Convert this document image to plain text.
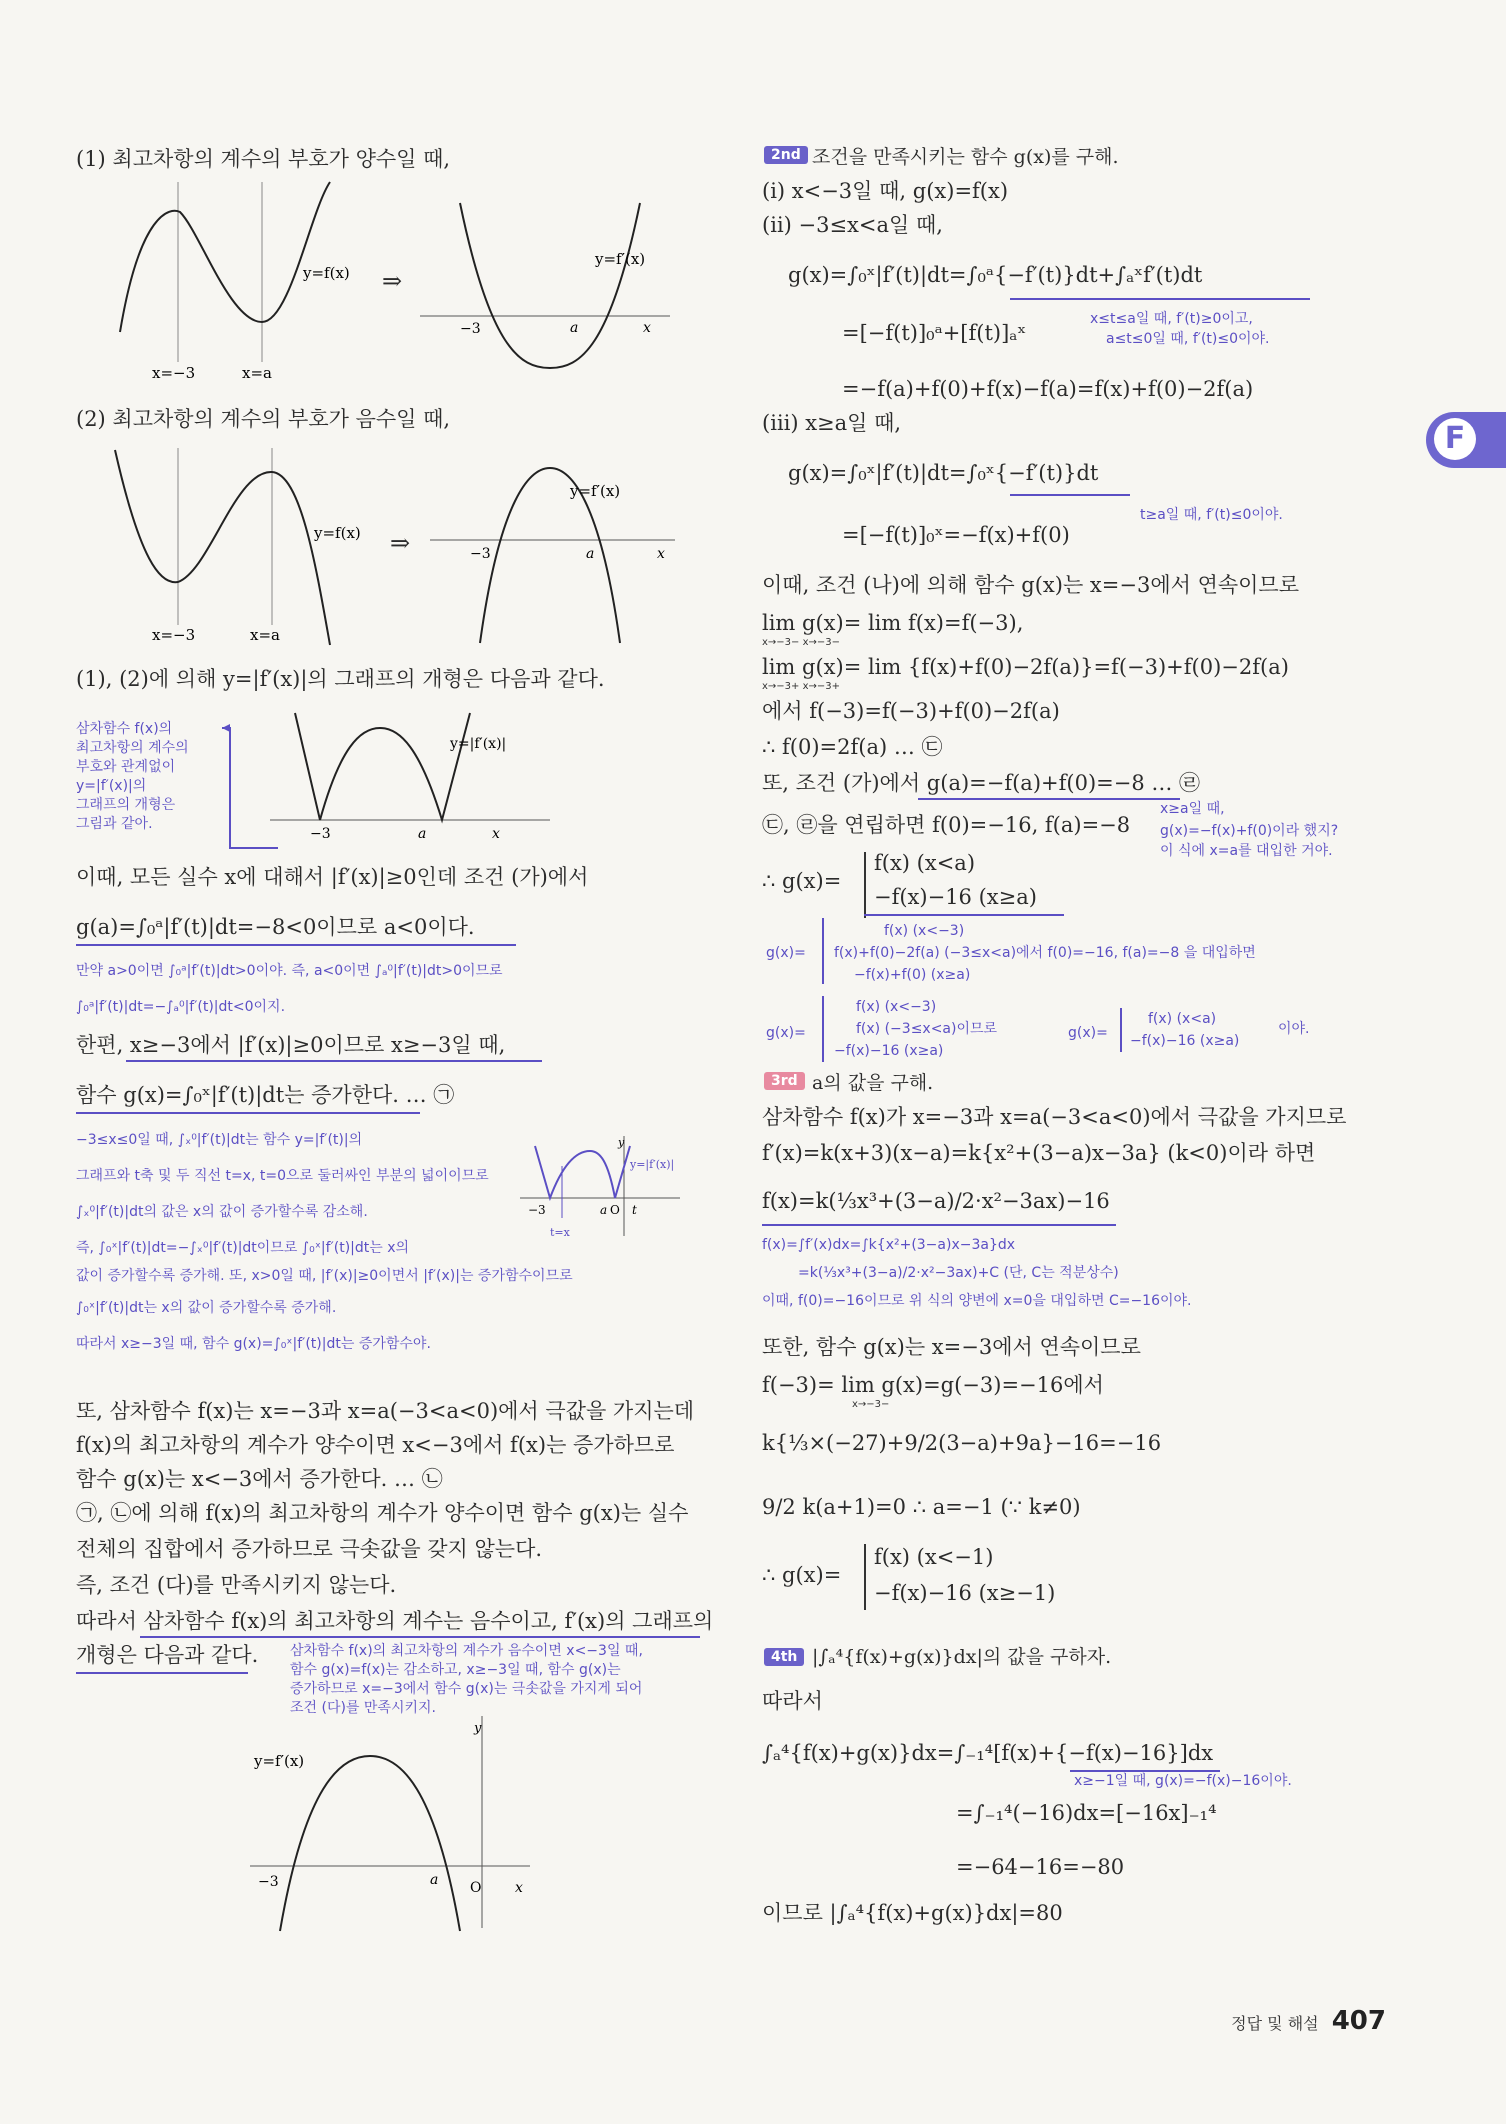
(1) 최고차항의 계수의 부호가 양수일 때,
x=−3	x=a
y=f(x) ⇒
−3	a	x
y=f′(x)
(2) 최고차항의 계수의 부호가 음수일 때,
x=−3	x=a
y=f(x) ⇒	−3	a	x
y=f′(x)
(1), (2)에 의해 y=|f′(x)|의 그래프의 개형은 다음과 같다.
삼차함수 f(x)의
최고차항의 계수의
부호와 관계없이
y=|f′(x)|의
그래프의 개형은
그림과 같아.
−3	a	x
y=|f′(x)|
이때, 모든 실수 x에 대해서 |f′(x)|≥0인데 조건 (가)에서
g(a)=∫₀ᵃ|f′(t)|dt=−8<0이므로 a<0이다.
만약 a>0이면 ∫₀ᵃ|f′(t)|dt>0이야. 즉, a<0이면 ∫ₐ⁰|f′(t)|dt>0이므로
∫₀ᵃ|f′(t)|dt=−∫ₐ⁰|f′(t)|dt<0이지.
한편, x≥−3에서 |f′(x)|≥0이므로 x≥−3일 때,
함수 g(x)=∫₀ˣ|f′(t)|dt는 증가한다. … ㉠
−3≤x≤0일 때, ∫ₓ⁰|f′(t)|dt는 함수 y=|f′(t)|의
그래프와 t축 및 두 직선 t=x, t=0으로 둘러싸인 부분의 넓이이므로
∫ₓ⁰|f′(t)|dt의 값은 x의 값이 증가할수록 감소해.
즉, ∫₀ˣ|f′(t)|dt=−∫ₓ⁰|f′(t)|dt이므로 ∫₀ˣ|f′(t)|dt는 x의
값이 증가할수록 증가해. 또, x>0일 때, |f′(x)|≥0이면서 |f′(x)|는 증가함수이므로
∫₀ˣ|f′(t)|dt는 x의 값이 증가할수록 증가해.
따라서 x≥−3일 때, 함수 g(x)=∫₀ˣ|f′(t)|dt는 증가함수야.
−3	a O t
y
y=|f′(x)|
t=x
또, 삼차함수 f(x)는 x=−3과 x=a(−3<a<0)에서 극값을 가지는데
f(x)의 최고차항의 계수가 양수이면 x<−3에서 f(x)는 증가하므로
함수 g(x)는 x<−3에서 증가한다. … ㉡
㉠, ㉡에 의해 f(x)의 최고차항의 계수가 양수이면 함수 g(x)는 실수
전체의 집합에서 증가하므로 극솟값을 갖지 않는다.
즉, 조건 (다)를 만족시키지 않는다.
따라서 삼차함수 f(x)의 최고차항의 계수는 음수이고, f′(x)의 그래프의
개형은 다음과 같다. 삼차함수 f(x)의 최고차항의 계수가 음수이면 x<−3일 때,
함수 g(x)=f(x)는 감소하고, x≥−3일 때, 함수 g(x)는
증가하므로 x=−3에서 함수 g(x)는 극솟값을 가지게 되어
조건 (다)를 만족시키지.
−3	a O x
y
y=f′(x)
2nd 조건을 만족시키는 함수 g(x)를 구해.
(ⅰ) x<−3일 때, g(x)=f(x)
(ⅱ) −3≤x<a일 때,
g(x)=∫₀ˣ|f′(t)|dt=∫₀ᵃ{−f′(t)}dt+∫ₐˣf′(t)dt
x≤t≤a일 때, f′(t)≥0이고,
a≤t≤0일 때, f′(t)≤0이야.
=[−f(t)]₀ᵃ+[f(t)]ₐˣ
=−f(a)+f(0)+f(x)−f(a)=f(x)+f(0)−2f(a)
(ⅲ) x≥a일 때,
g(x)=∫₀ˣ|f′(t)|dt=∫₀ˣ{−f′(t)}dt
t≥a일 때, f′(t)≤0이야.
=[−f(t)]₀ˣ=−f(x)+f(0)
이때, 조건 (나)에 의해 함수 g(x)는 x=−3에서 연속이므로
lim g(x)= lim f(x)=f(−3),
x→−3− x→−3−
lim g(x)= lim {f(x)+f(0)−2f(a)}=f(−3)+f(0)−2f(a)
x→−3+ x→−3+
에서 f(−3)=f(−3)+f(0)−2f(a)
∴ f(0)=2f(a) … ㉢
또, 조건 (가)에서 g(a)=−f(a)+f(0)=−8 … ㉣
x≥a일 때,
㉢, ㉣을 연립하면 f(0)=−16, f(a)=−8 g(x)=−f(x)+f(0)이라 했지?
이 식에 x=a를 대입한 거야.
∴ g(x)=
f(x) (x<a)
−f(x)−16 (x≥a)
g(x)=
f(x) (x<−3)
f(x)+f(0)−2f(a) (−3≤x<a)에서 f(0)=−16, f(a)=−8 을 대입하면
−f(x)+f(0) (x≥a)
g(x)=
f(x) (x<−3)
f(x) (−3≤x<a)이므로
−f(x)−16 (x≥a)
g(x)=
f(x) (x<a)
−f(x)−16 (x≥a)
이야.
3rd a의 값을 구해.
삼차함수 f(x)가 x=−3과 x=a(−3<a<0)에서 극값을 가지므로
f′(x)=k(x+3)(x−a)=k{x²+(3−a)x−3a} (k<0)이라 하면
f(x)=k(⅓x³+(3−a)/2·x²−3ax)−16
f(x)=∫f′(x)dx=∫k{x²+(3−a)x−3a}dx
=k(⅓x³+(3−a)/2·x²−3ax)+C (단, C는 적분상수)
이때, f(0)=−16이므로 위 식의 양변에 x=0을 대입하면 C=−16이야.
또한, 함수 g(x)는 x=−3에서 연속이므로
f(−3)= lim g(x)=g(−3)=−16에서
x→−3−
k{⅓×(−27)+9/2(3−a)+9a}−16=−16
9/2 k(a+1)=0 ∴ a=−1 (∵ k≠0)
∴ g(x)=
f(x) (x<−1)
−f(x)−16 (x≥−1)
4th |∫ₐ⁴{f(x)+g(x)}dx|의 값을 구하자.
따라서
∫ₐ⁴{f(x)+g(x)}dx=∫₋₁⁴[f(x)+{−f(x)−16}]dx
x≥−1일 때, g(x)=−f(x)−16이야.
=∫₋₁⁴(−16)dx=[−16x]₋₁⁴
=−64−16=−80
이므로 |∫ₐ⁴{f(x)+g(x)}dx|=80
F
정답 및 해설 407
